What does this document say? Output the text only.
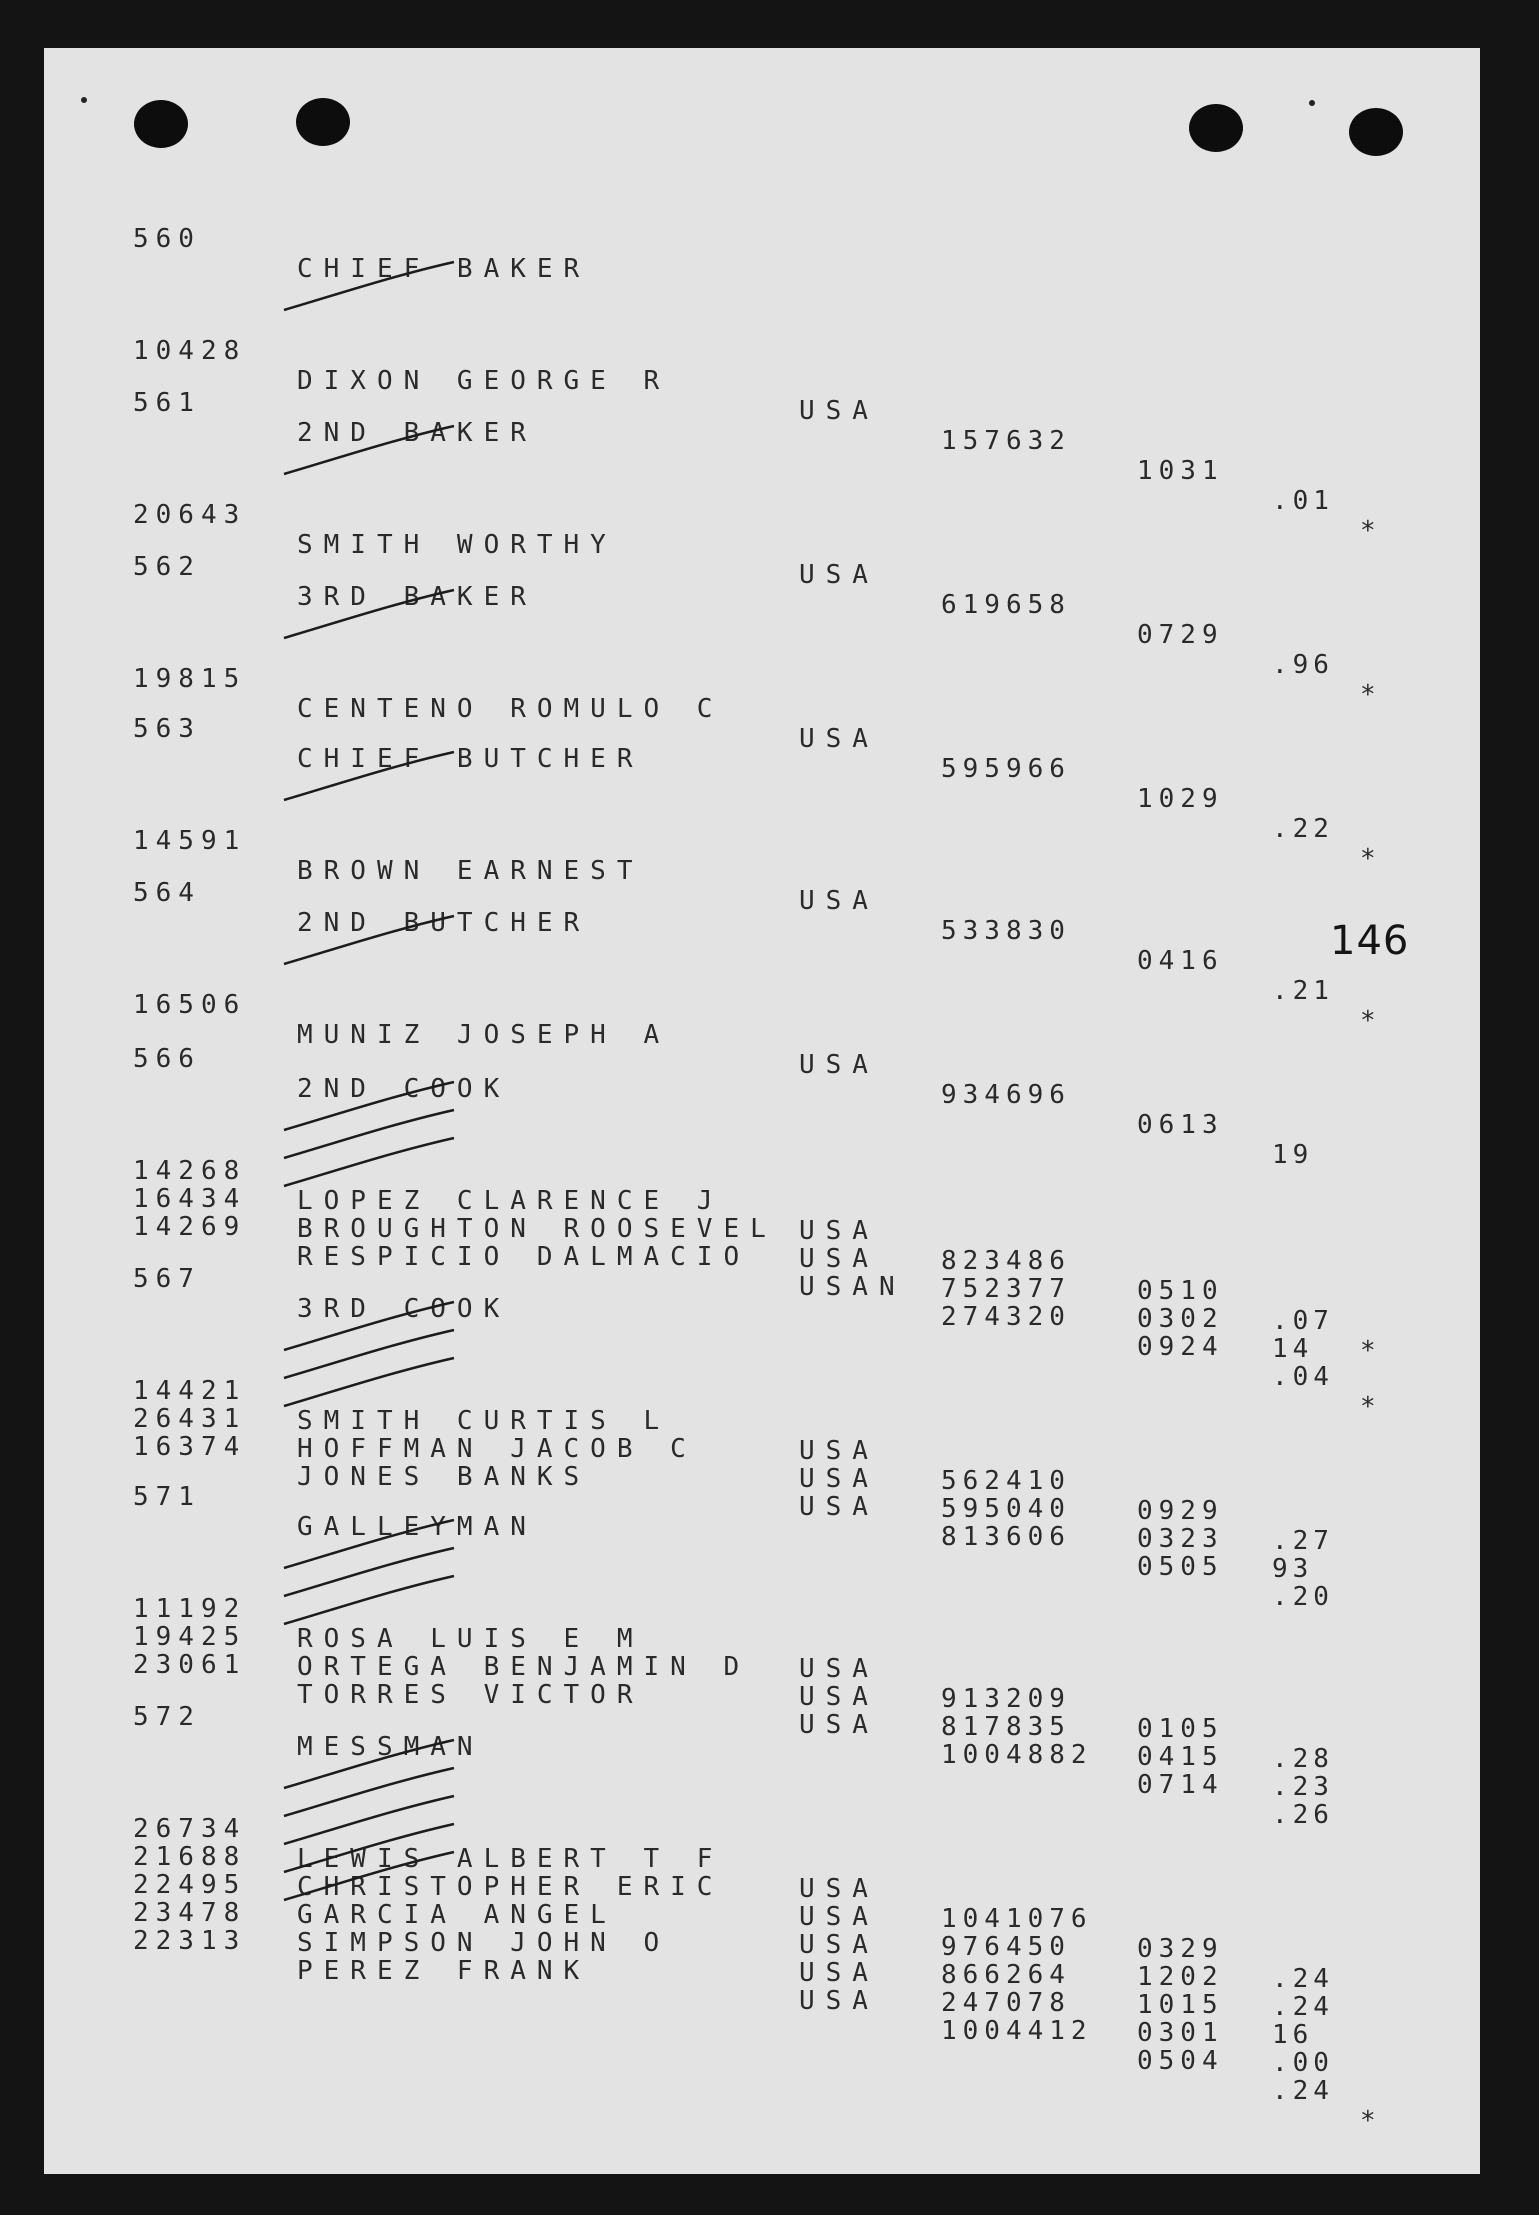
146

560

CHIEF BAKER

10428

DIXON GEORGE R

USA

157632

1031

.01

*

561

2ND BAKER

20643

SMITH WORTHY

USA

619658

0729

.96

*

562

3RD BAKER

19815

CENTENO ROMULO C

USA

595966

1029

.22

*

563

CHIEF BUTCHER

14591

BROWN EARNEST

USA

533830

0416

.21

*

564

2ND BUTCHER

16506

MUNIZ JOSEPH A

USA

934696

0613

19

566

2ND COOK

14268

LOPEZ CLARENCE J

USA

823486

0510

.07

*

16434

BROUGHTON ROOSEVEL

USA

752377

0302

14

14269

RESPICIO DALMACIO

USAN

274320

0924

.04

*

567

3RD COOK

14421

SMITH CURTIS L

USA

562410

0929

.27

26431

HOFFMAN JACOB C

USA

595040

0323

93

16374

JONES BANKS

USA

813606

0505

.20

571

GALLEYMAN

11192

ROSA LUIS E M

USA

913209

0105

.28

19425

ORTEGA BENJAMIN D

USA

817835

0415

.23

23061

TORRES VICTOR

USA

1004882

0714

.26

572

MESSMAN

26734

LEWIS ALBERT T F

USA

1041076

0329

.24

21688

CHRISTOPHER ERIC

USA

976450

1202

.24

22495

GARCIA ANGEL

USA

866264

1015

16

23478

SIMPSON JOHN O

USA

247078

0301

.00

22313

PEREZ FRANK

USA

1004412

0504

.24

*
